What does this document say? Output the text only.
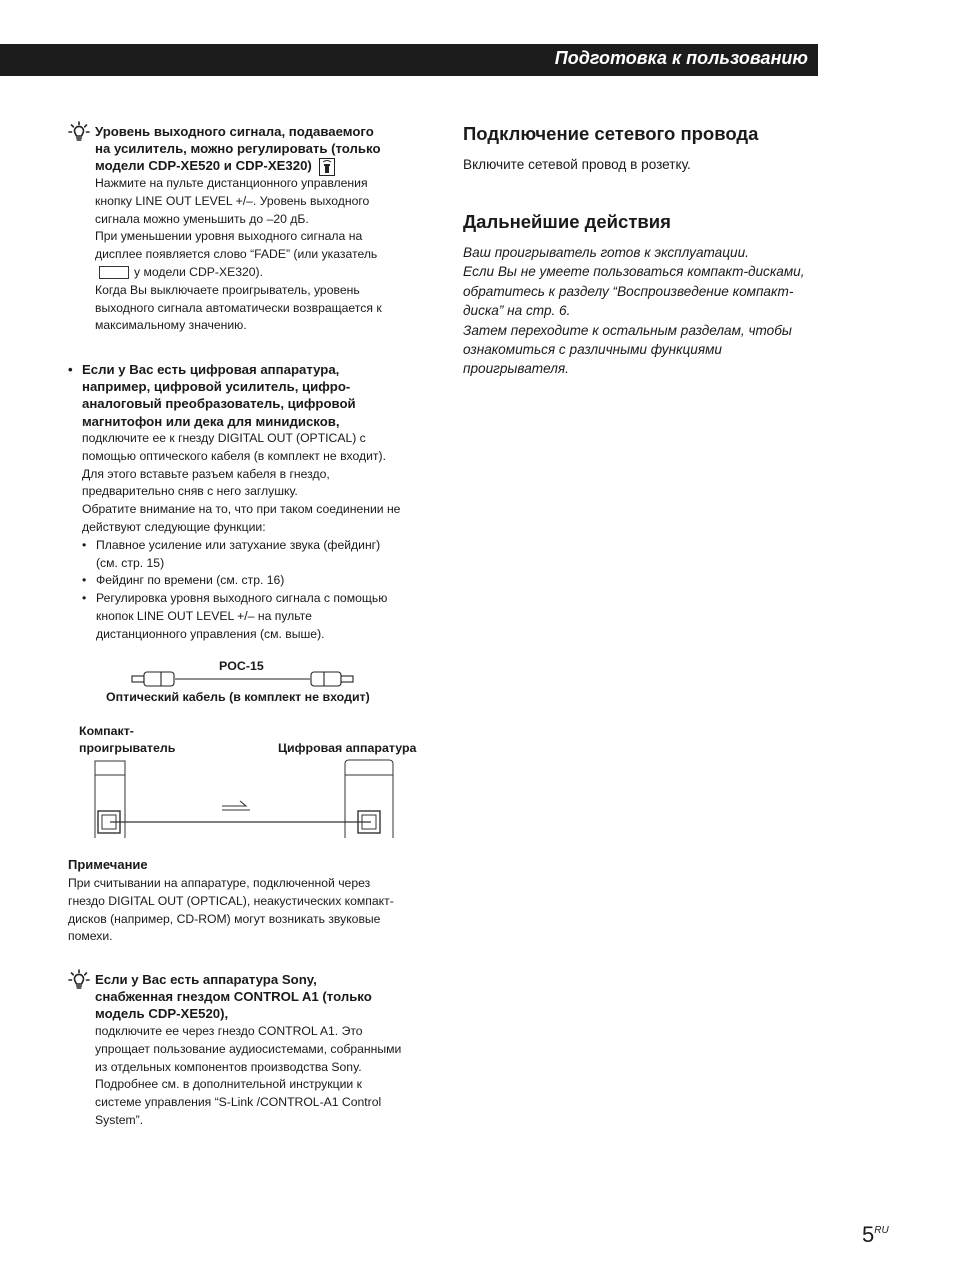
Подготовка к пользованию
Уровень выходного сигнала, подаваемого
на усилитель, можно регулировать (только
модели CDP-XE520 и CDP-XE320)
Нажмите на пульте дистанционного управления
кнопку LINE OUT LEVEL +/–. Уровень выходного
сигнала можно уменьшить до –20 дБ.
При уменьшении уровня выходного сигнала на
дисплее появляется слово “FADE” (или указатель
у модели CDP-XE320).
Когда Вы выключаете проигрыватель, уровень
выходного сигнала автоматически возвращается к
максимальному значению.
• Если у Вас есть цифровая аппаратура,
например, цифровой усилитель, цифро-
аналоговый преобразователь, цифровой
магнитофон или дека для минидисков,
подключите ее к гнезду DIGITAL OUT (OPTICAL) с
помощью оптического кабеля (в комплект не входит).
Для этого вставьте разъем кабеля в гнездо,
предварительно сняв с него заглушку.
Обратите внимание на то, что при таком соединении не
действуют следующие функции:
• Плавное усиление или затухание звука (фейдинг)
(см. стр. 15)
• Фейдинг по времени (см. стр. 16)
• Регулировка уровня выходного сигнала с помощью
кнопок LINE OUT LEVEL +/– на пульте
дистанционного управления (см. выше).
POC-15
Оптический кабель (в комплект не входит)
Компакт-
проигрыватель	Цифровая аппаратура
Примечание
При считывании на аппаратуре, подключенной через
гнездо DIGITAL OUT (OPTICAL), неакустических компакт-
дисков (например, CD-ROM) могут возникать звуковые
помехи.
Если у Вас есть аппаратура Sony,
снабженная гнездом CONTROL A1 (только
модель CDP-XE520),
подключите ее через гнездо CONTROL A1. Это
упрощает пользование аудиосистемами, собранными
из отдельных компонентов производства Sony.
Подробнее см. в дополнительной инструкции к
системе управления “S-Link /CONTROL-A1 Control
System”.
Подключение сетевого провода
Включите сетевой провод в розетку.
Дальнейшие действия
Ваш проигрыватель готов к эксплуатации.
Если Вы не умеете пользоваться компакт-дисками,
обратитесь к разделу “Воспроизведение компакт-
диска” на стр. 6.
Затем переходите к остальным разделам, чтобы
ознакомиться с различными функциями
проигрывателя.
$5^{RU}$
